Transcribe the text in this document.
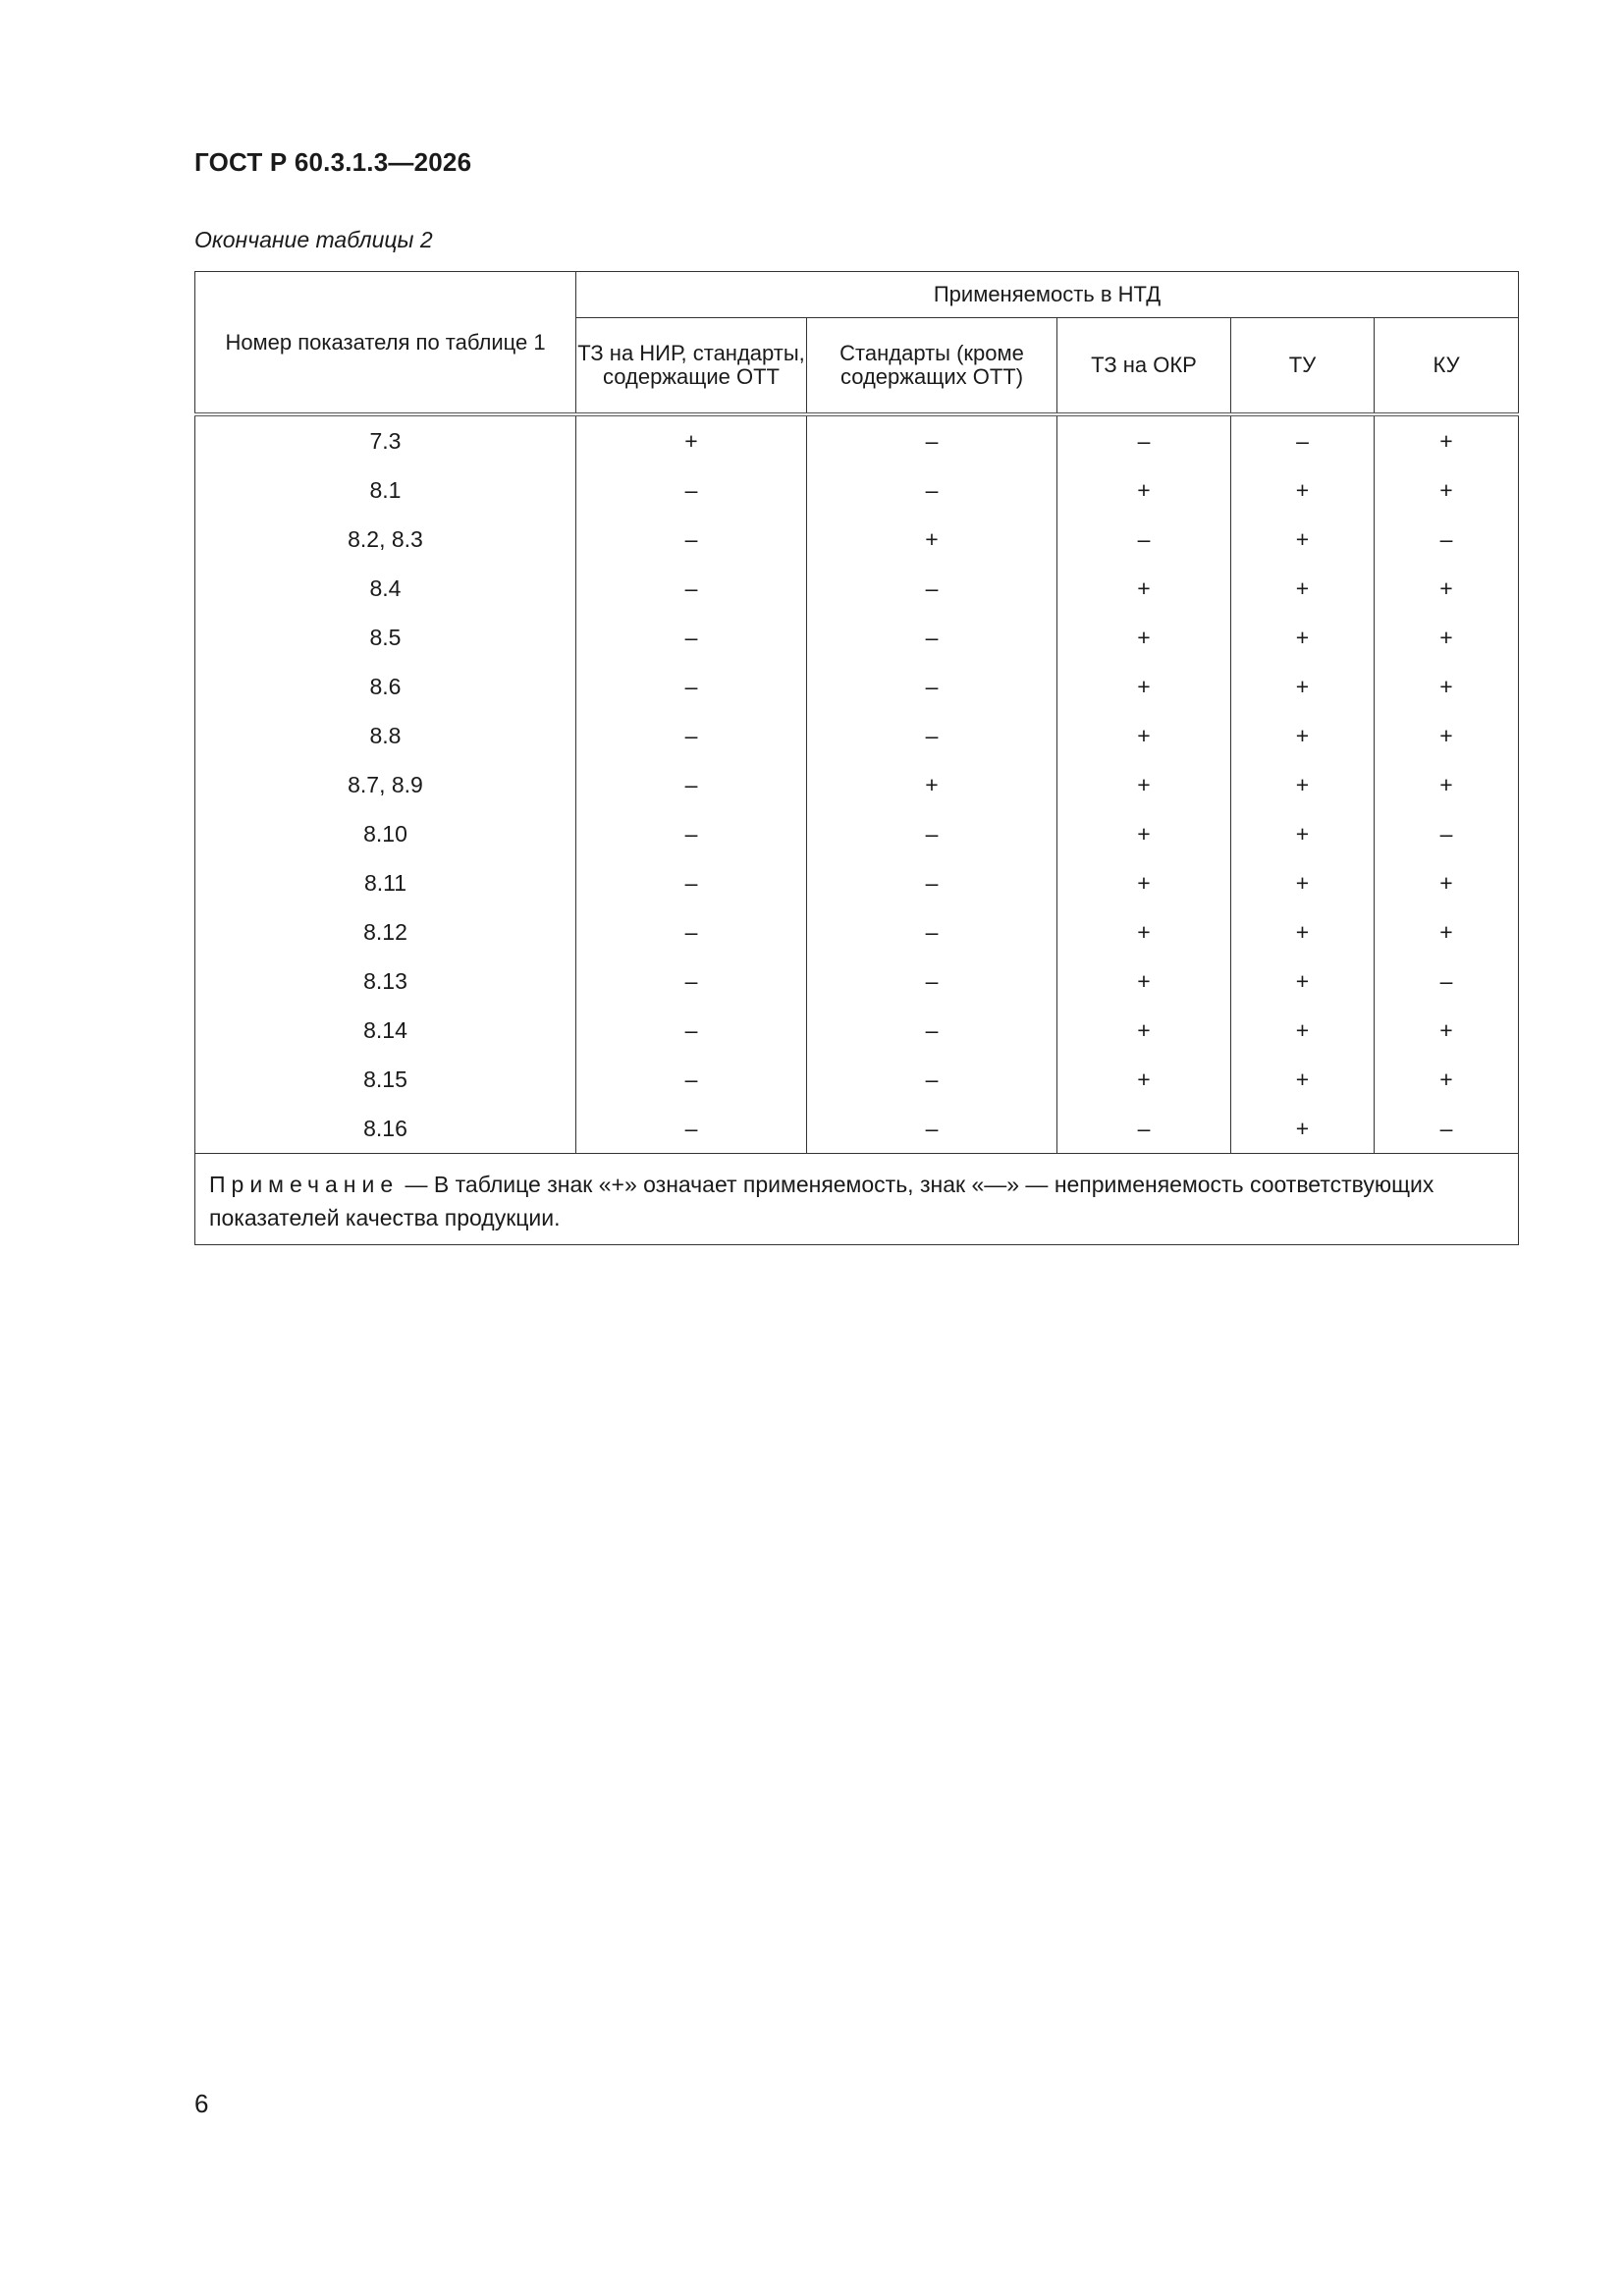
ГОСТ Р 60.3.1.3—2026

Окончание таблицы 2

Номер показателя по таблице 1	Применяемость в НТД				
	ТЗ на НИР, стандарты, содержащие ОТТ	Стандарты (кроме содержащих ОТТ)	ТЗ на ОКР	ТУ	КУ
7.3	+	–	–	–	+
8.1	–	–	+	+	+
8.2, 8.3	–	+	–	+	–
8.4	–	–	+	+	+
8.5	–	–	+	+	+
8.6	–	–	+	+	+
8.8	–	–	+	+	+
8.7, 8.9	–	+	+	+	+
8.10	–	–	+	+	–
8.11	–	–	+	+	+
8.12	–	–	+	+	+
8.13	–	–	+	+	–
8.14	–	–	+	+	+
8.15	–	–	+	+	+
8.16	–	–	–	+	–
Примечание — В таблице знак «+» означает применяемость, знак «—» — неприменяемость соответствующих показателей качества продукции.					

6
